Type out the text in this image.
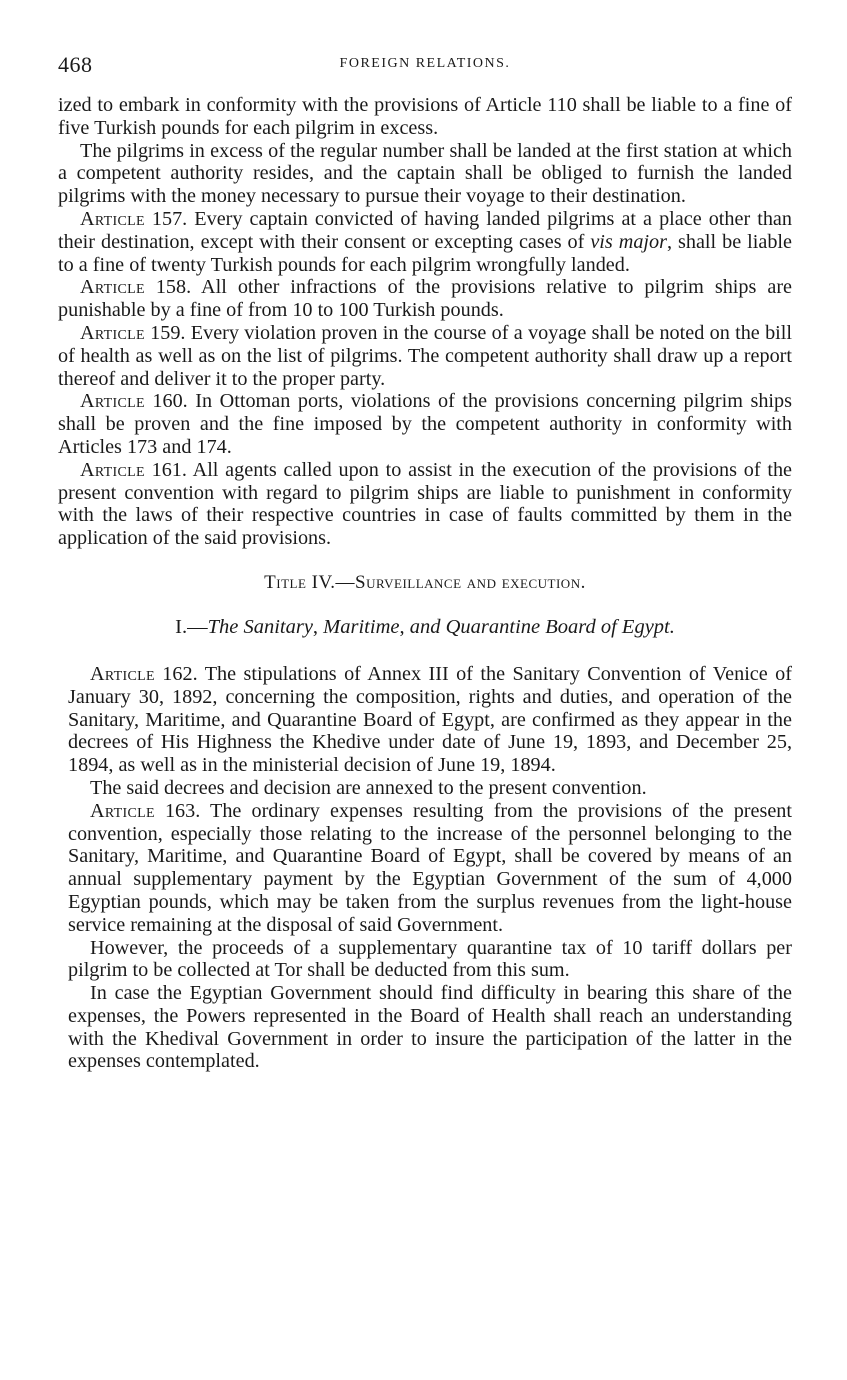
468	FOREIGN RELATIONS.

ized to embark in conformity with the provisions of Article 110 shall be liable to a fine of five Turkish pounds for each pilgrim in excess.

The pilgrims in excess of the regular number shall be landed at the first station at which a competent authority resides, and the captain shall be obliged to furnish the landed pilgrims with the money necessary to pursue their voyage to their destination.

Article 157. Every captain convicted of having landed pilgrims at a place other than their destination, except with their consent or excepting cases of vis major, shall be liable to a fine of twenty Turkish pounds for each pilgrim wrongfully landed.

Article 158. All other infractions of the provisions relative to pilgrim ships are punishable by a fine of from 10 to 100 Turkish pounds.

Article 159. Every violation proven in the course of a voyage shall be noted on the bill of health as well as on the list of pilgrims. The competent authority shall draw up a report thereof and deliver it to the proper party.

Article 160. In Ottoman ports, violations of the provisions concerning pilgrim ships shall be proven and the fine imposed by the competent authority in conformity with Articles 173 and 174.

Article 161. All agents called upon to assist in the execution of the provisions of the present convention with regard to pilgrim ships are liable to punishment in conformity with the laws of their respective countries in case of faults committed by them in the application of the said provisions.

Title IV.—Surveillance and execution.
I.—The Sanitary, Maritime, and Quarantine Board of Egypt.

Article 162. The stipulations of Annex III of the Sanitary Convention of Venice of January 30, 1892, concerning the composition, rights and duties, and operation of the Sanitary, Maritime, and Quarantine Board of Egypt, are confirmed as they appear in the decrees of His Highness the Khedive under date of June 19, 1893, and December 25, 1894, as well as in the ministerial decision of June 19, 1894.

The said decrees and decision are annexed to the present convention.

Article 163. The ordinary expenses resulting from the provisions of the present convention, especially those relating to the increase of the personnel belonging to the Sanitary, Maritime, and Quarantine Board of Egypt, shall be covered by means of an annual supplementary payment by the Egyptian Government of the sum of 4,000 Egyptian pounds, which may be taken from the surplus revenues from the light-house service remaining at the disposal of said Government.

However, the proceeds of a supplementary quarantine tax of 10 tariff dollars per pilgrim to be collected at Tor shall be deducted from this sum.

In case the Egyptian Government should find difficulty in bearing this share of the expenses, the Powers represented in the Board of Health shall reach an understanding with the Khedival Government in order to insure the participation of the latter in the expenses contemplated.
